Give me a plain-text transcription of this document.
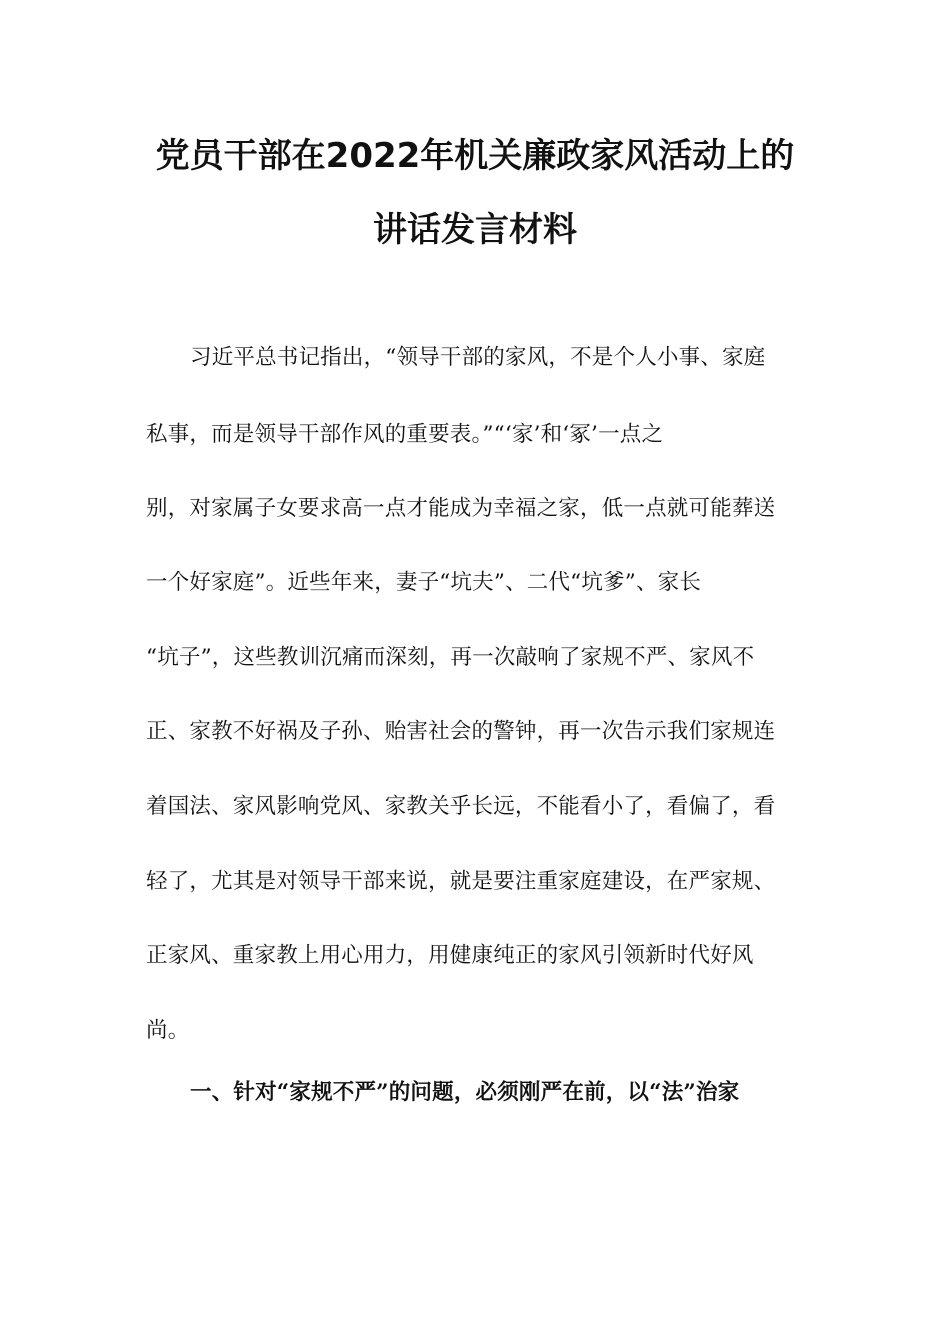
党员干部在2022年机关廉政家风活动上的
讲话发言材料
习近平总书记指出，“领导干部的家风，不是个人小事、家庭
私事，而是领导干部作风的重要表。”“‘家’和‘冢’一点之
别，对家属子女要求高一点才能成为幸福之家，低一点就可能葬送
一个好家庭”。近些年来，妻子“坑夫”、二代“坑爹”、家长
“坑子”，这些教训沉痛而深刻，再一次敲响了家规不严、家风不
正、家教不好祸及子孙、贻害社会的警钟，再一次告示我们家规连
着国法、家风影响党风、家教关乎长远，不能看小了，看偏了，看
轻了，尤其是对领导干部来说，就是要注重家庭建设，在严家规、
正家风、重家教上用心用力，用健康纯正的家风引领新时代好风
尚。
一、针对“家规不严”的问题，必须刚严在前，以“法”治家
